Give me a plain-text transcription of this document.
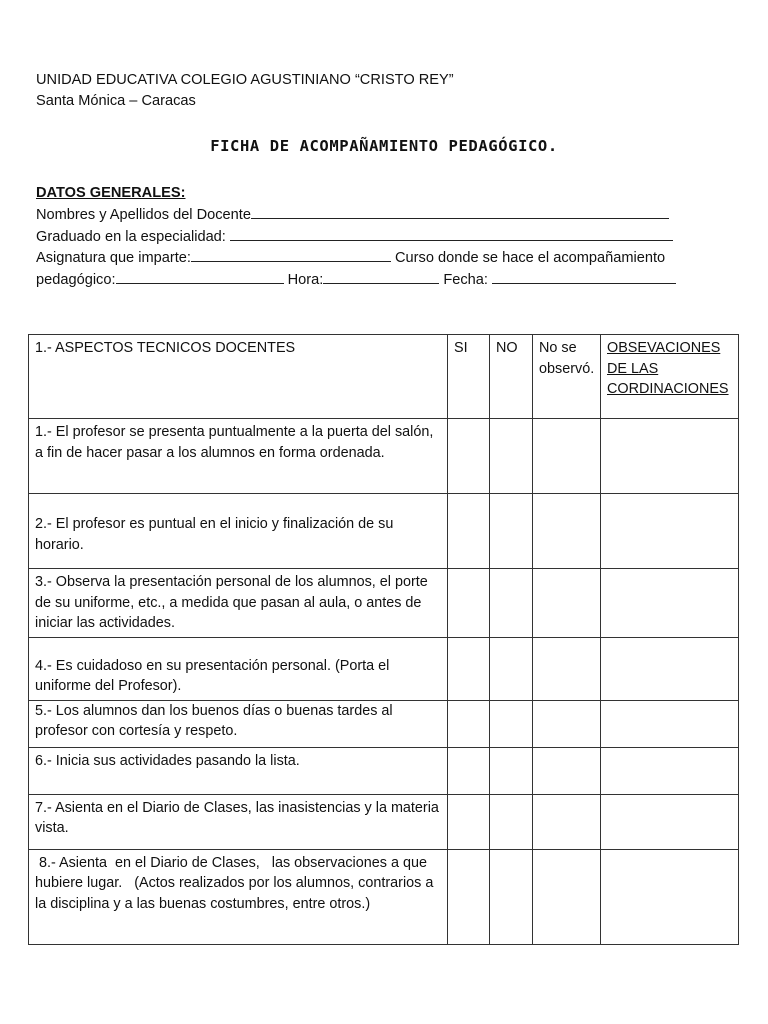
UNIDAD EDUCATIVA COLEGIO AGUSTINIANO “CRISTO REY”
Santa Mónica – Caracas
FICHA DE ACOMPAÑAMIENTO PEDAGÓGICO.
DATOS GENERALES:
Nombres y Apellidos del Docente
Graduado en la especialidad:
Asignatura que imparte:	Curso donde se hace el acompañamiento
pedagógico:	Hora:	Fecha:
1.- ASPECTOS TECNICOS DOCENTES	SI	NO	No se observó.	OBSEVACIONES DE LAS CORDINACIONES
1.- El profesor se presenta puntualmente a la puerta del salón, a fin de hacer pasar a los alumnos en forma ordenada.				
2.- El profesor es puntual en el inicio y finalización de su horario.				
3.- Observa la presentación personal de los alumnos, el porte de su uniforme, etc., a medida que pasan al aula, o antes de iniciar las actividades.				
4.- Es cuidadoso en su presentación personal. (Porta el uniforme del Profesor).				
5.- Los alumnos dan los buenos días o buenas tardes al profesor con cortesía y respeto.				
6.- Inicia sus actividades pasando la lista.				
7.- Asienta en el Diario de Clases, las inasistencias y la materia vista.				
8.- Asienta  en el Diario de Clases,   las observaciones a que hubiere lugar.   (Actos realizados por los alumnos, contrarios a la disciplina y a las buenas costumbres, entre otros.)				
